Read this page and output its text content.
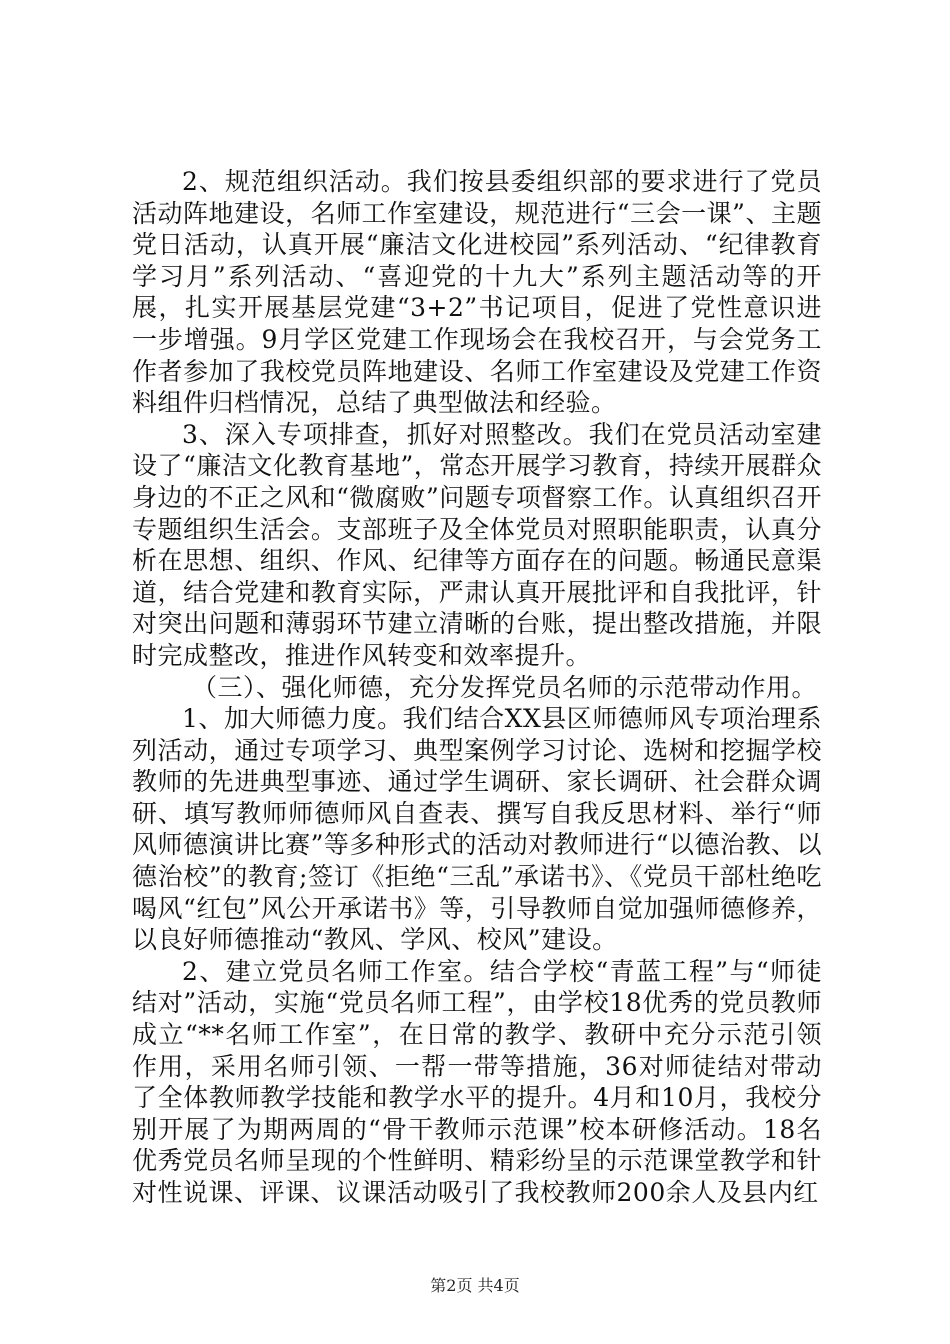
2、规范组织活动。我们按县委组织部的要求进行了党员活动阵地建设，名师工作室建设，规范进行“三会一课”、主题党日活动，认真开展“廉洁文化进校园”系列活动、“纪律教育学习月”系列活动、“喜迎党的十九大”系列主题活动等的开展，扎实开展基层党建“3+2”书记项目，促进了党性意识进一步增强。9月学区党建工作现场会在我校召开，与会党务工作者参加了我校党员阵地建设、名师工作室建设及党建工作资料组件归档情况，总结了典型做法和经验。

3、深入专项排查，抓好对照整改。我们在党员活动室建设了“廉洁文化教育基地”，常态开展学习教育，持续开展群众身边的不正之风和“微腐败”问题专项督察工作。认真组织召开专题组织生活会。支部班子及全体党员对照职能职责，认真分析在思想、组织、作风、纪律等方面存在的问题。畅通民意渠道，结合党建和教育实际，严肃认真开展批评和自我批评，针对突出问题和薄弱环节建立清晰的台账，提出整改措施，并限时完成整改，推进作风转变和效率提升。

（三）、强化师德，充分发挥党员名师的示范带动作用。

1、加大师德力度。我们结合XX县区师德师风专项治理系列活动，通过专项学习、典型案例学习讨论、选树和挖掘学校教师的先进典型事迹、通过学生调研、家长调研、社会群众调研、填写教师师德师风自查表、撰写自我反思材料、举行“师风师德演讲比赛”等多种形式的活动对教师进行“以德治教、以德治校”的教育;签订《拒绝“三乱”承诺书》、《党员干部杜绝吃喝风“红包”风公开承诺书》等，引导教师自觉加强师德修养，以良好师德推动“教风、学风、校风”建设。

2、建立党员名师工作室。结合学校“青蓝工程”与“师徒结对”活动，实施“党员名师工程”，由学校18优秀的党员教师成立“**名师工作室”，在日常的教学、教研中充分示范引领作用，采用名师引领、一帮一带等措施，36对师徒结对带动了全体教师教学技能和教学水平的提升。4月和10月，我校分别开展了为期两周的“骨干教师示范课”校本研修活动。18名优秀党员名师呈现的个性鲜明、精彩纷呈的示范课堂教学和针对性说课、评课、议课活动吸引了我校教师200余人及县内红

第2页 共4页
